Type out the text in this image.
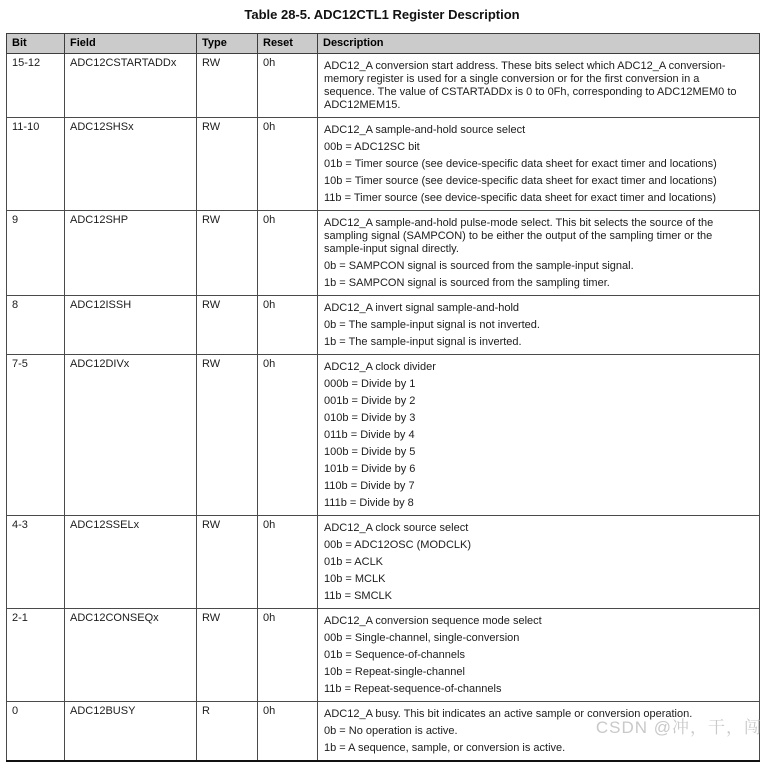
Table 28-5. ADC12CTL1 Register Description
Bit	Field	Type	Reset	Description
15-12	ADC12CSTARTADDx	RW	0h	ADC12_A conversion start address. These bits select which ADC12_A conversion-memory register is used for a single conversion or for the first conversion in a sequence. The value of CSTARTADDx is 0 to 0Fh, corresponding to ADC12MEM0 to ADC12MEM15.

11-10	ADC12SHSx	RW	0h	ADC12_A sample-and-hold source select
00b = ADC12SC bit
01b = Timer source (see device-specific data sheet for exact timer and locations)
10b = Timer source (see device-specific data sheet for exact timer and locations)
11b = Timer source (see device-specific data sheet for exact timer and locations)

9	ADC12SHP	RW	0h	ADC12_A sample-and-hold pulse-mode select. This bit selects the source of the sampling signal (SAMPCON) to be either the output of the sampling timer or the sample-input signal directly.
0b = SAMPCON signal is sourced from the sample-input signal.
1b = SAMPCON signal is sourced from the sampling timer.

8	ADC12ISSH	RW	0h	ADC12_A invert signal sample-and-hold
0b = The sample-input signal is not inverted.
1b = The sample-input signal is inverted.

7-5	ADC12DIVx	RW	0h	ADC12_A clock divider
000b = Divide by 1
001b = Divide by 2
010b = Divide by 3
011b = Divide by 4
100b = Divide by 5
101b = Divide by 6
110b = Divide by 7
111b = Divide by 8

4-3	ADC12SSELx	RW	0h	ADC12_A clock source select
00b = ADC12OSC (MODCLK)
01b = ACLK
10b = MCLK
11b = SMCLK

2-1	ADC12CONSEQx	RW	0h	ADC12_A conversion sequence mode select
00b = Single-channel, single-conversion
01b = Sequence-of-channels
10b = Repeat-single-channel
11b = Repeat-sequence-of-channels

0	ADC12BUSY	R	0h	ADC12_A busy. This bit indicates an active sample or conversion operation.
0b = No operation is active.
1b = A sequence, sample, or conversion is active.
CSDN @冲，干，闯
